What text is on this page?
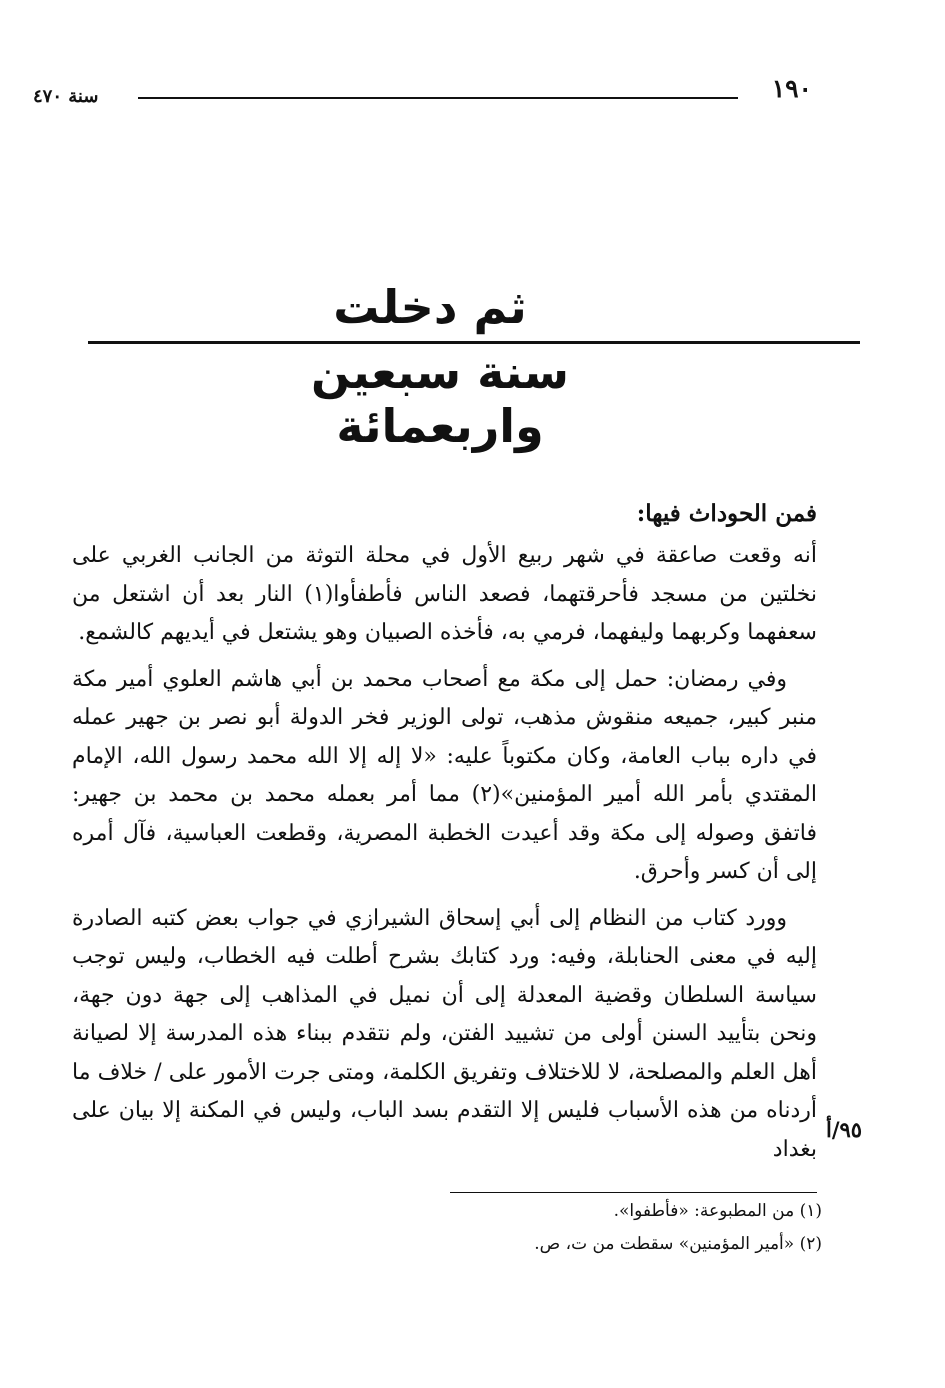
١٩٠
سنة ٤٧٠
ثم دخلت
سنة سبعين واربعمائة
فمن الحوداث فيها:

أنه وقعت صاعقة في شهر ربيع الأول في محلة التوثة من الجانب الغربي على نخلتين من مسجد فأحرقتهما، فصعد الناس فأطفأوا(١) النار بعد أن اشتعل من سعفهما وكربهما وليفهما، فرمي به، فأخذه الصبيان وهو يشتعل في أيديهم كالشمع.

وفي رمضان: حمل إلى مكة مع أصحاب محمد بن أبي هاشم العلوي أمير مكة منبر كبير، جميعه منقوش مذهب، تولى الوزير فخر الدولة أبو نصر بن جهير عمله في داره بباب العامة، وكان مكتوباً عليه: «لا إله إلا الله محمد رسول الله، الإمام المقتدي بأمر الله أمير المؤمنين»(٢) مما أمر بعمله محمد بن محمد بن جهير: فاتفق وصوله إلى مكة وقد أعيدت الخطبة المصرية، وقطعت العباسية، فآل أمره إلى أن كسر وأحرق.

وورد كتاب من النظام إلى أبي إسحاق الشيرازي في جواب بعض كتبه الصادرة إليه في معنى الحنابلة، وفيه: ورد كتابك بشرح أطلت فيه الخطاب، وليس توجب سياسة السلطان وقضية المعدلة إلى أن نميل في المذاهب إلى جهة دون جهة، ونحن بتأييد السنن أولى من تشييد الفتن، ولم نتقدم ببناء هذه المدرسة إلا لصيانة أهل العلم والمصلحة، لا للاختلاف وتفريق الكلمة، ومتى جرت الأمور على / خلاف ما أردناه من هذه الأسباب فليس إلا التقدم بسد الباب، وليس في المكنة إلا بيان على بغداد

٩٥/أ
(١) من المطبوعة: «فأطفوا».
(٢) «أمير المؤمنين» سقطت من ت، ص.
